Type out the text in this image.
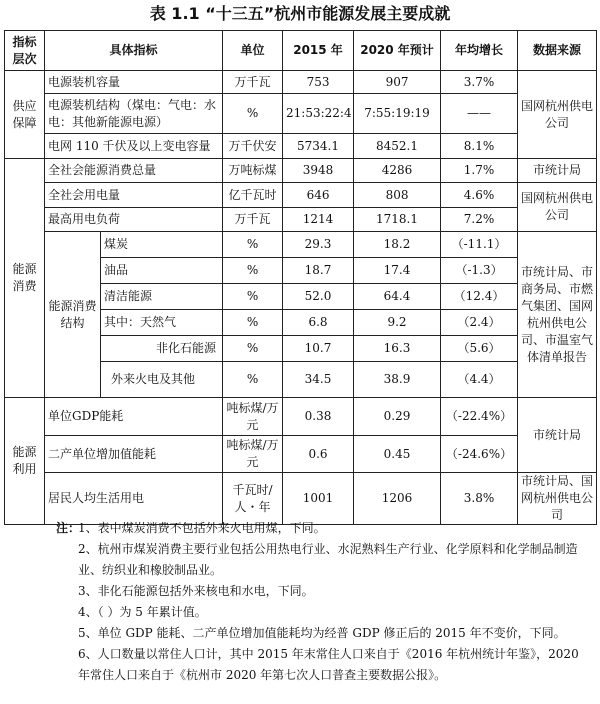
表 1.1 “十三五”杭州市能源发展主要成就
指标层次	具体指标		单位	2015 年	2020 年预计	年均增长	数据来源
供应保障	电源装机容量		万千瓦	753	907	3.7%	国网杭州供电公司
	电源装机结构（煤电：气电：水电：其他新能源电源）		%	21:53:22:4	7:55:19:19	——	
	电网 110 千伏及以上变电容量		万千伏安	5734.1	8452.1	8.1%	
能源消费	全社会能源消费总量		万吨标煤	3948	4286	1.7%	市统计局
	全社会用电量		亿千瓦时	646	808	4.6%	国网杭州供电公司
	最高用电负荷		万千瓦	1214	1718.1	7.2%	
	能源消费结构	煤炭	%	29.3	18.2	（-11.1）	市统计局、市商务局、市燃气集团、国网杭州供电公司、市温室气体清单报告
		油品	%	18.7	17.4	（-1.3）	
		清洁能源	%	52.0	64.4	（12.4）	
		其中：天然气	%	6.8	9.2	（2.4）	
		非化石能源	%	10.7	16.3	（5.6）	
		外来火电及其他	%	34.5	38.9	（4.4）	
能源利用	单位GDP能耗		吨标煤/万元	0.38	0.29	（-22.4%）	市统计局
	二产单位增加值能耗		吨标煤/万元	0.6	0.45	（-24.6%）	
	居民人均生活用电		千瓦时/人・年	1001	1206	3.8%	市统计局、国网杭州供电公司
注：
1、表中煤炭消费不包括外来火电用煤，下同。
2、杭州市煤炭消费主要行业包括公用热电行业、水泥熟料生产行业、化学原料和化学制品制造业、纺织业和橡胶制品业。
3、非化石能源包括外来核电和水电，下同。
4、（ ）为 5 年累计值。
5、单位 GDP 能耗、二产单位增加值能耗均为经普 GDP 修正后的 2015 年不变价，下同。
6、人口数量以常住人口计，其中 2015 年末常住人口来自于《2016 年杭州统计年鉴》，2020 年常住人口来自于《杭州市 2020 年第七次人口普查主要数据公报》。
